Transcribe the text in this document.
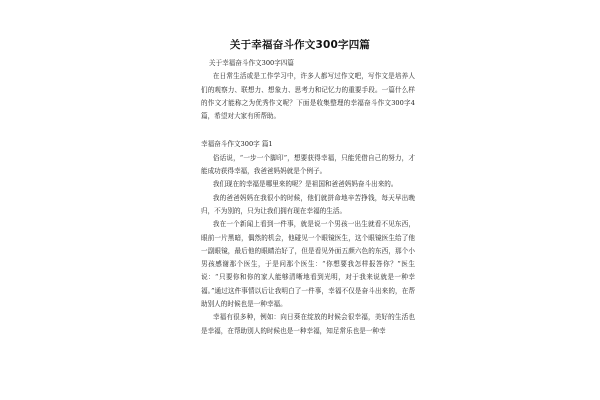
关于幸福奋斗作文300字四篇

关于幸福奋斗作文300字四篇

在日常生活或是工作学习中，许多人都写过作文吧，写作文是培养人们的观察力、联想力、想象力、思考力和记忆力的重要手段。一篇什么样的作文才能称之为优秀作文呢？下面是收集整理的幸福奋斗作文300字4篇，希望对大家有所帮助。

幸福奋斗作文300字 篇1

俗话说，“一步一个脚印”，想要获得幸福，只能凭借自己的努力，才能成功获得幸福，我爸爸妈妈就是个例子。

我们现在的幸福是哪里来的呢？是祖国和爸爸妈妈奋斗出来的。

我的爸爸妈妈在我很小的时候，他们就拼命地辛苦挣钱，每天早出晚归，不为别的，只为让我们拥有现在幸福的生活。

我在一个新闻上看到一件事，就是说一个男孩一出生就看不见东西，眼前一片黑暗，偶然的机会，他碰见一个眼镜医生，这个眼镜医生给了他一副眼镜，最后他的眼睛治好了，但是看见外面五颜六色的东西，那个小男孩感谢那个医生，于是问那个医生：“你想要我怎样报答你？”医生说：“只要你和你的家人能够清晰地看到光明，对于我来说就是一种幸福。”通过这件事情以后让我明白了一件事，幸福不仅是奋斗出来的，在帮助别人的时候也是一种幸福。

幸福有很多种，例如：向日葵在绽放的时候会很幸福，美好的生活也是幸福，在帮助别人的时候也是一种幸福，知足常乐也是一种幸
